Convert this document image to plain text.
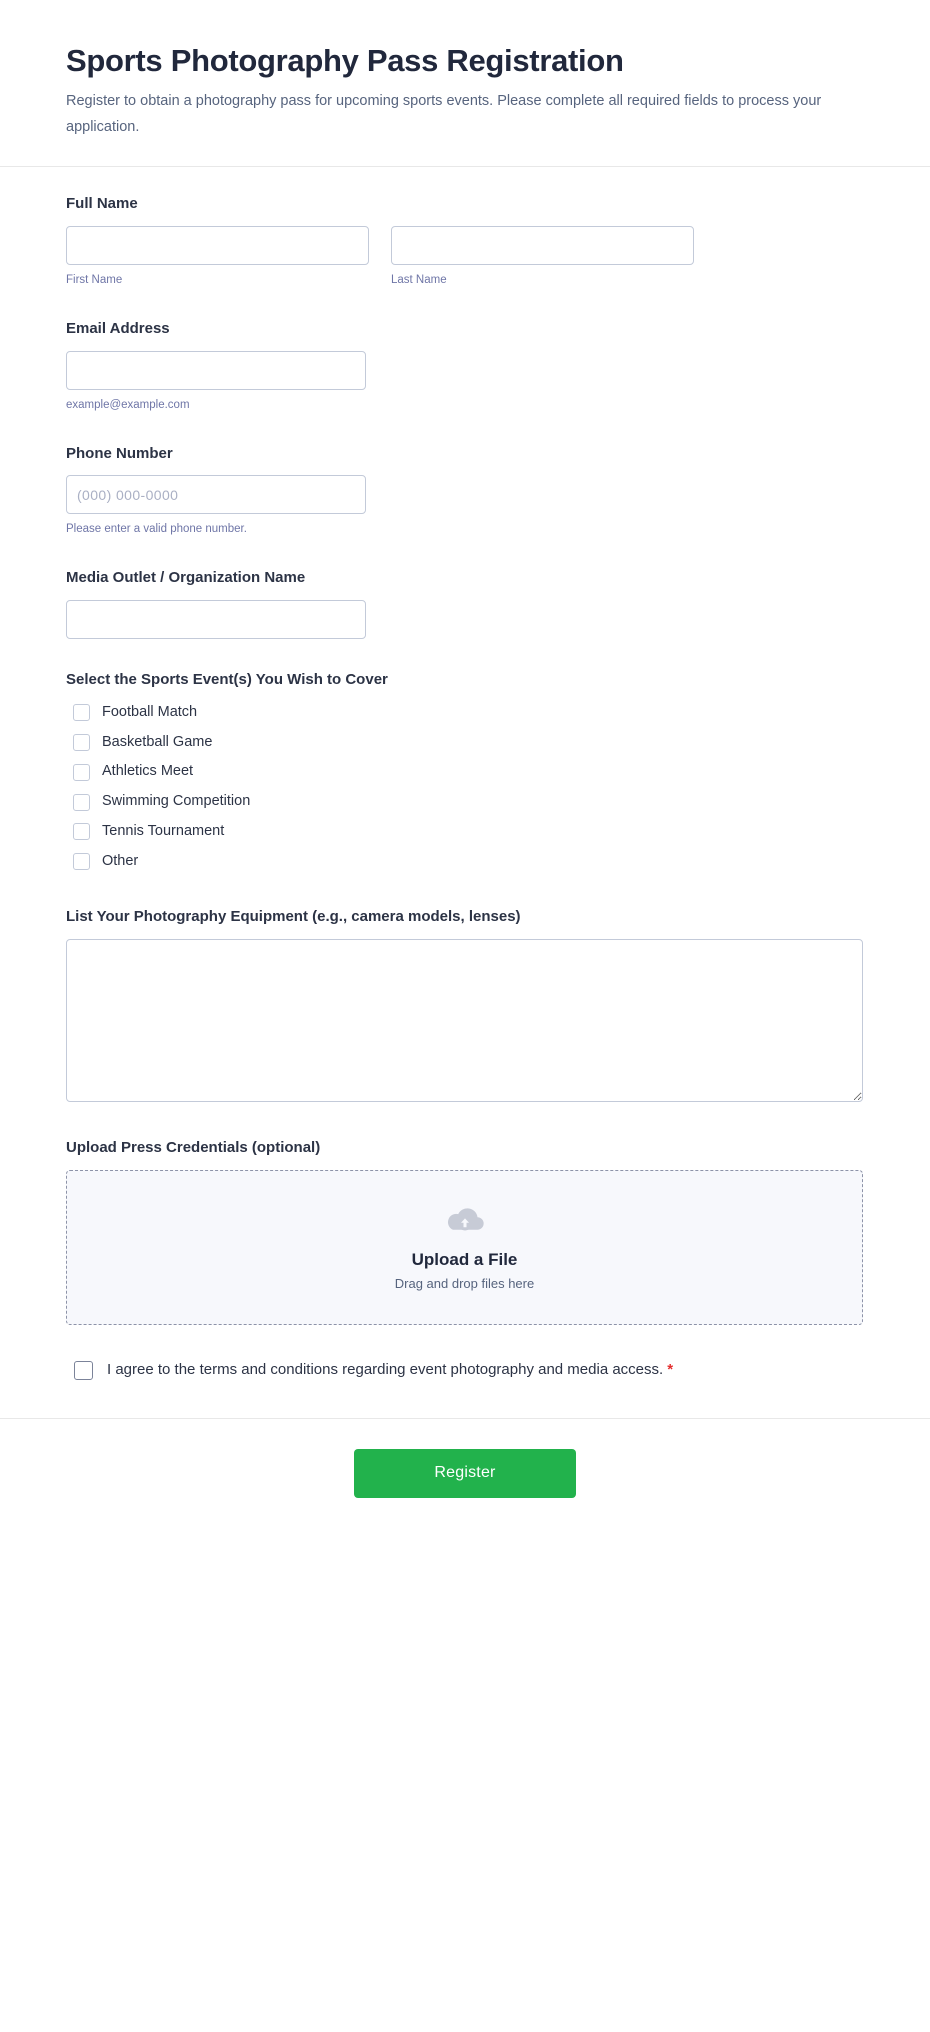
Sports Photography Pass Registration

Register to obtain a photography pass for upcoming sports events. Please complete all required fields to process your application.

Full Name
First Name	Last Name
Email Address
example@example.com
Phone Number
(000) 000-0000
Please enter a valid phone number.
Media Outlet / Organization Name
Select the Sports Event(s) You Wish to Cover
Football Match
Basketball Game
Athletics Meet
Swimming Competition
Tennis Tournament
Other
List Your Photography Equipment (e.g., camera models, lenses)
Upload Press Credentials (optional)
Upload a File
Drag and drop files here
I agree to the terms and conditions regarding event photography and media access. *
Register
